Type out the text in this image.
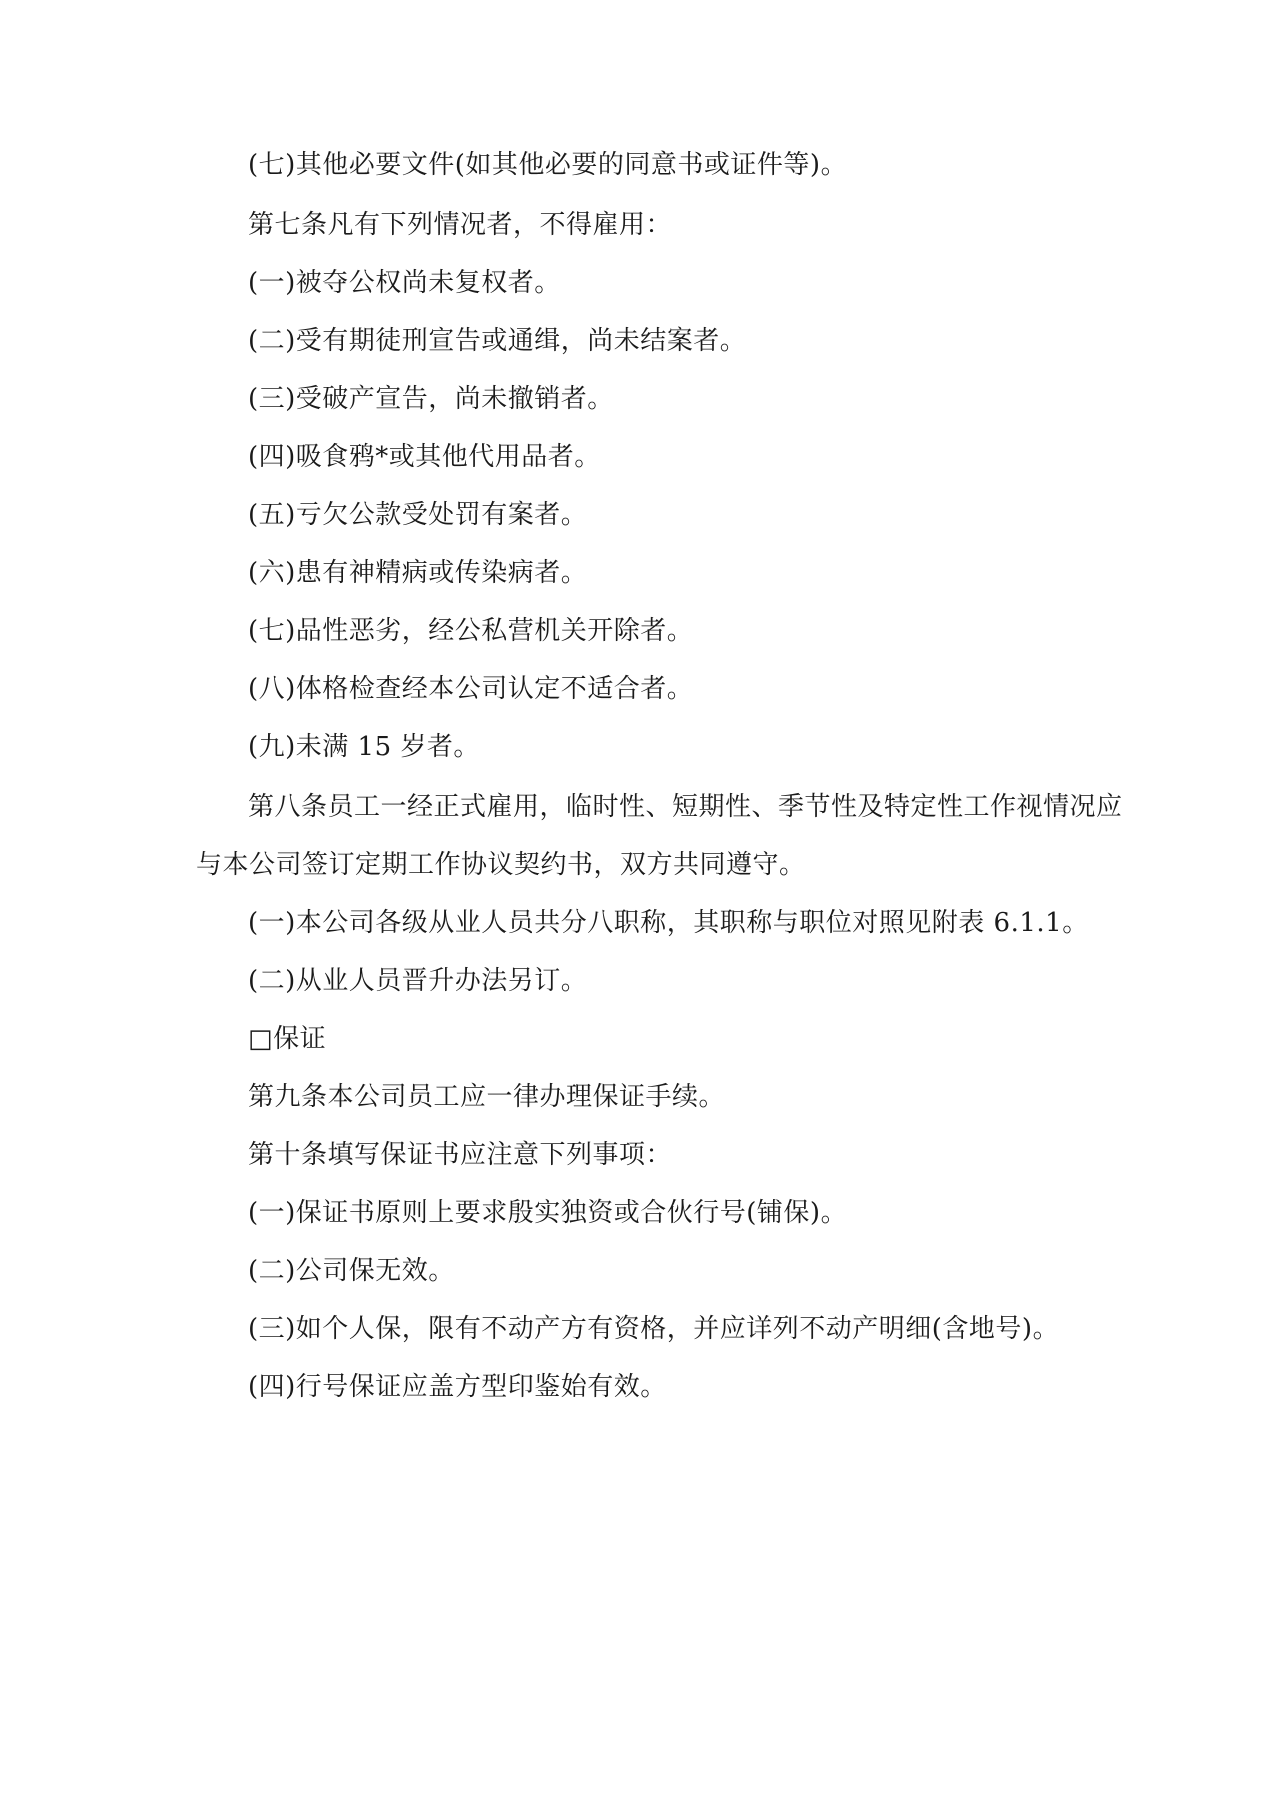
(七)其他必要文件(如其他必要的同意书或证件等)。
第七条凡有下列情况者，不得雇用：
(一)被夺公权尚未复权者。
(二)受有期徒刑宣告或通缉，尚未结案者。
(三)受破产宣告，尚未撤销者。
(四)吸食鸦*或其他代用品者。
(五)亏欠公款受处罚有案者。
(六)患有神精病或传染病者。
(七)品性恶劣，经公私营机关开除者。
(八)体格检查经本公司认定不适合者。
(九)未满 15 岁者。
第八条员工一经正式雇用，临时性、短期性、季节性及特定性工作视情况应
与本公司签订定期工作协议契约书，双方共同遵守。
(一)本公司各级从业人员共分八职称，其职称与职位对照见附表 6.1.1。
(二)从业人员晋升办法另订。
□保证
第九条本公司员工应一律办理保证手续。
第十条填写保证书应注意下列事项：
(一)保证书原则上要求殷实独资或合伙行号(铺保)。
(二)公司保无效。
(三)如个人保，限有不动产方有资格，并应详列不动产明细(含地号)。
(四)行号保证应盖方型印鉴始有效。
